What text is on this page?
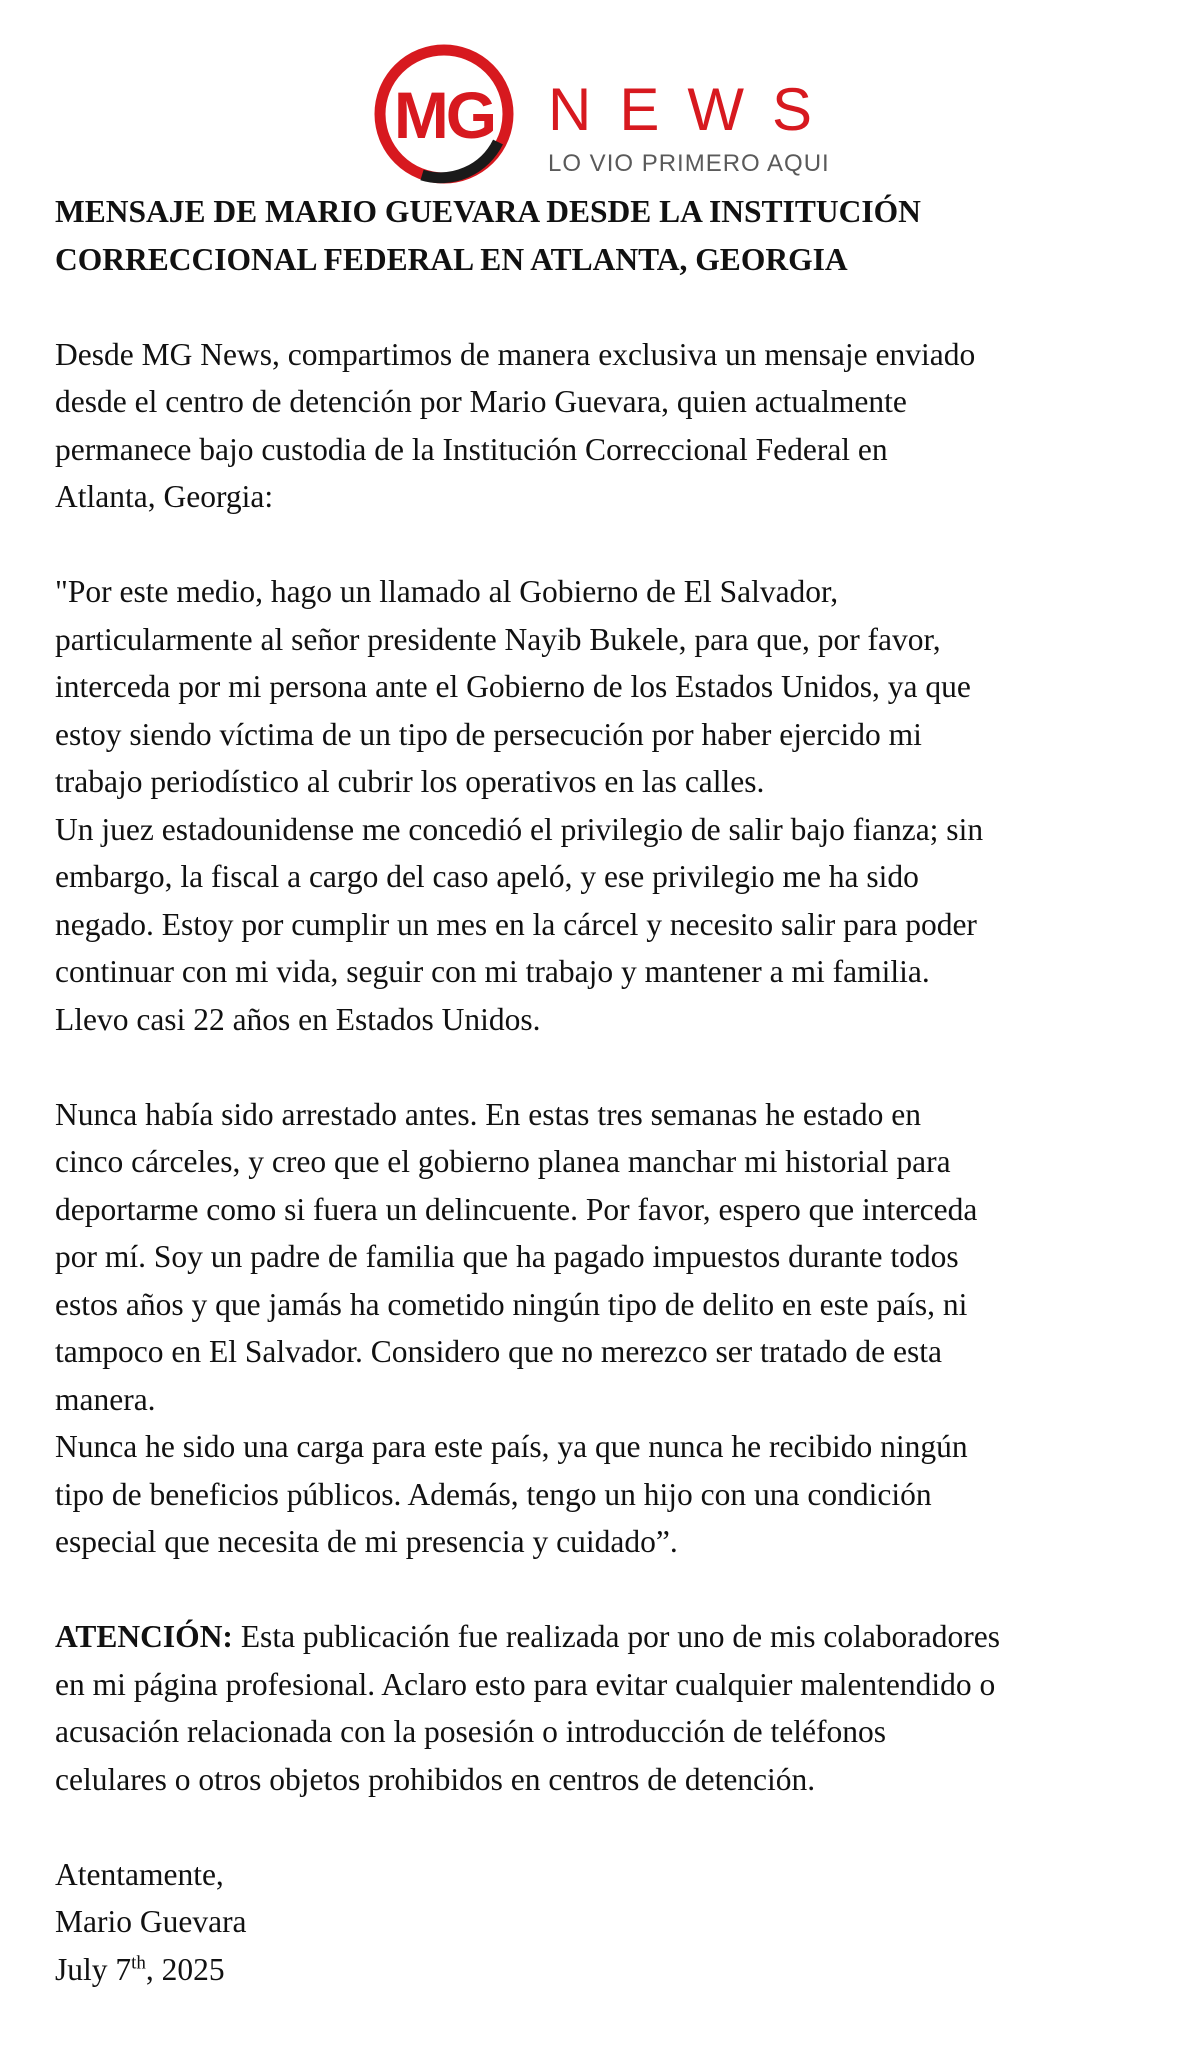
MG NEWS
LO VIO PRIMERO AQUI

MENSAJE DE MARIO GUEVARA DESDE LA INSTITUCIÓN
CORRECCIONAL FEDERAL EN ATLANTA, GEORGIA

Desde MG News, compartimos de manera exclusiva un mensaje enviado
desde el centro de detención por Mario Guevara, quien actualmente
permanece bajo custodia de la Institución Correccional Federal en
Atlanta, Georgia:

"Por este medio, hago un llamado al Gobierno de El Salvador,
particularmente al señor presidente Nayib Bukele, para que, por favor,
interceda por mi persona ante el Gobierno de los Estados Unidos, ya que
estoy siendo víctima de un tipo de persecución por haber ejercido mi
trabajo periodístico al cubrir los operativos en las calles.
Un juez estadounidense me concedió el privilegio de salir bajo fianza; sin
embargo, la fiscal a cargo del caso apeló, y ese privilegio me ha sido
negado. Estoy por cumplir un mes en la cárcel y necesito salir para poder
continuar con mi vida, seguir con mi trabajo y mantener a mi familia.
Llevo casi 22 años en Estados Unidos.

Nunca había sido arrestado antes. En estas tres semanas he estado en
cinco cárceles, y creo que el gobierno planea manchar mi historial para
deportarme como si fuera un delincuente. Por favor, espero que interceda
por mí. Soy un padre de familia que ha pagado impuestos durante todos
estos años y que jamás ha cometido ningún tipo de delito en este país, ni
tampoco en El Salvador. Considero que no merezco ser tratado de esta
manera.
Nunca he sido una carga para este país, ya que nunca he recibido ningún
tipo de beneficios públicos. Además, tengo un hijo con una condición
especial que necesita de mi presencia y cuidado”.

ATENCIÓN: Esta publicación fue realizada por uno de mis colaboradores
en mi página profesional. Aclaro esto para evitar cualquier malentendido o
acusación relacionada con la posesión o introducción de teléfonos
celulares o otros objetos prohibidos en centros de detención.

Atentamente,
Mario Guevara
July 7th, 2025
